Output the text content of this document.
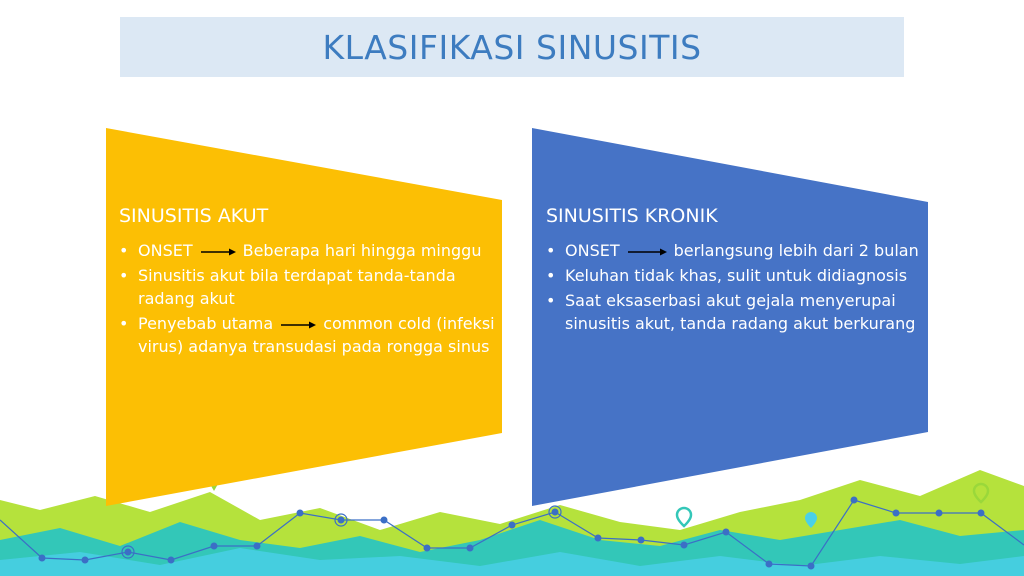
KLASIFIKASI SINUSITIS
SINUSITIS AKUT
• ONSET	Beberapa hari hingga minggu
• Sinusitis akut bila terdapat tanda-tanda radang akut
• Penyebab utama	common cold (infeksi virus) adanya transudasi pada rongga sinus
SINUSITIS KRONIK
• ONSET	berlangsung lebih dari 2 bulan
• Keluhan tidak khas, sulit untuk didiagnosis
• Saat eksaserbasi akut gejala menyerupai sinusitis akut, tanda radang akut berkurang
